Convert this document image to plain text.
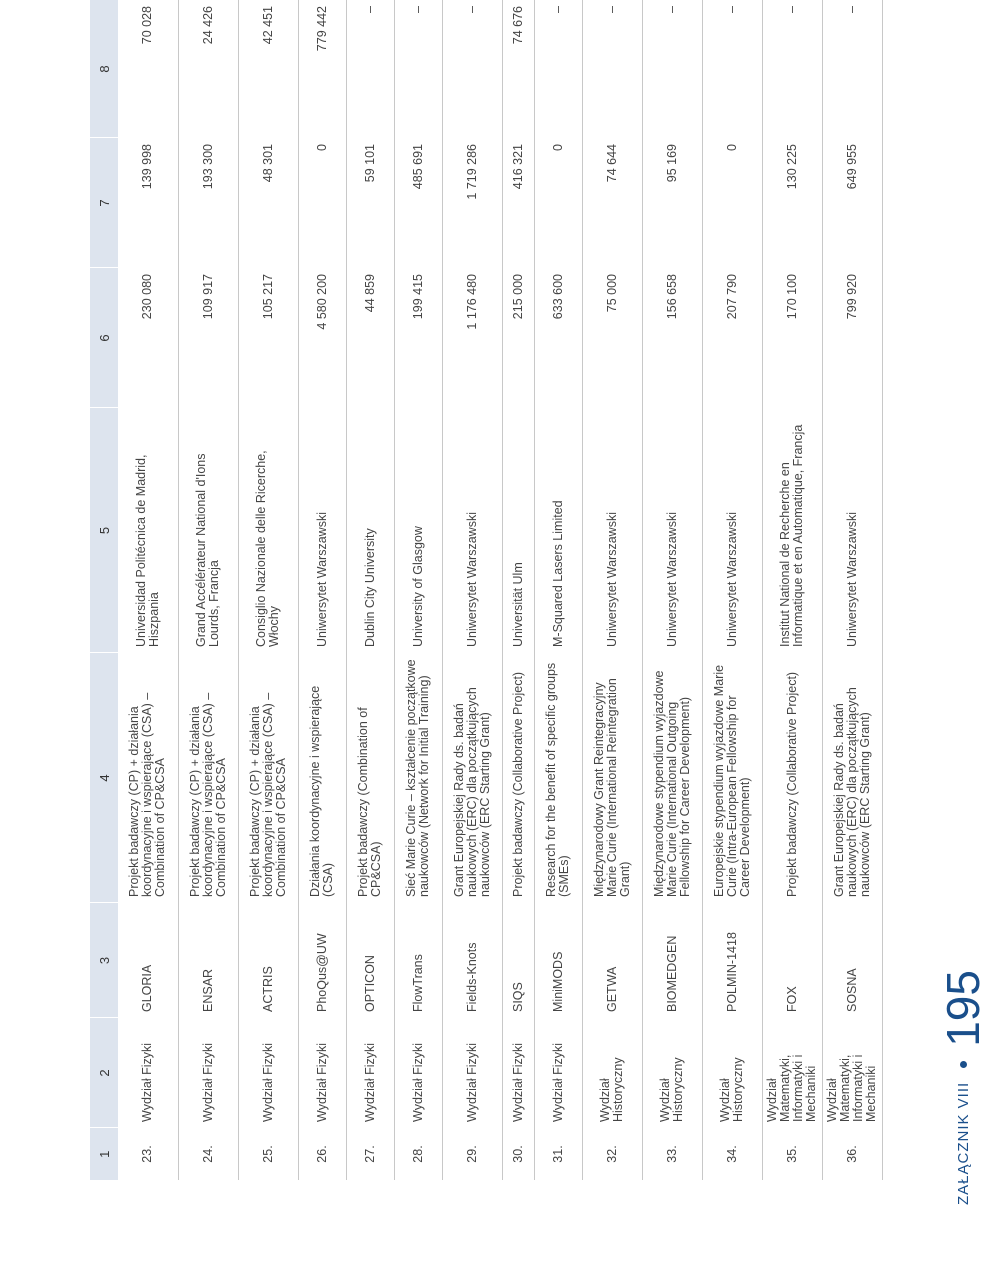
ZAŁĄCZNIK VIII
195
1	2	3	4	5	6	7	8
23.	Wydział Fizyki	GLORIA	Projekt badawczy (CP) + działania koordynacyjne i wspierające (CSA) – Combination of CP&CSA	Universidad Politécnica de Madrid, Hiszpania	230 080	139 998	70 028
24.	Wydział Fizyki	ENSAR	Projekt badawczy (CP) + działania koordynacyjne i wspierające (CSA) – Combination of CP&CSA	Grand Accélérateur National d'Ions Lourds, Francja	109 917	193 300	24 426
25.	Wydział Fizyki	ACTRIS	Projekt badawczy (CP) + działania koordynacyjne i wspierające (CSA) – Combination of CP&CSA	Consiglio Nazionale delle Ricerche, Włochy	105 217	48 301	42 451
26.	Wydział Fizyki	PhoQus@UW	Działania koordynacyjne i wspierające (CSA)	Uniwersytet Warszawski	4 580 200	0	779 442
27.	Wydział Fizyki	OPTICON	Projekt badawczy (Combination of CP&CSA)	Dublin City University	44 859	59 101	–
28.	Wydział Fizyki	FlowTrans	Sieć Marie Curie – kształcenie początkowe naukowców (Network for Initial Training)	University of Glasgow	199 415	485 691	–
29.	Wydział Fizyki	Fields-Knots	Grant Europejskiej Rady ds. badań naukowych (ERC) dla początkujących naukowców (ERC Starting Grant)	Uniwersytet Warszawski	1 176 480	1 719 286	–
30.	Wydział Fizyki	SIQS	Projekt badawczy (Collaborative Project)	Universität Ulm	215 000	416 321	74 676
31.	Wydział Fizyki	MiniMODS	Research for the benefit of specific groups (SMEs)	M-Squared Lasers Limited	633 600	0	–
32.	Wydział Historyczny	GETWA	Międzynarodowy Grant Reintegracyjny Marie Curie (International Reintegration Grant)	Uniwersytet Warszawski	75 000	74 644	–
33.	Wydział Historyczny	BIOMEDGEN	Międzynarodowe stypendium wyjazdowe Marie Curie (International Outgoing Fellowship for Career Development)	Uniwersytet Warszawski	156 658	95 169	–
34.	Wydział Historyczny	POLMIN-1418	Europejskie stypendium wyjazdowe Marie Curie (Intra-European Fellowship for Career Development)	Uniwersytet Warszawski	207 790	0	–
35.	Wydział Matematyki, Informatyki i Mechaniki	FOX	Projekt badawczy (Collaborative Project)	Institut National de Recherche en Informatique et en Automatique, Francja	170 100	130 225	–
36.	Wydział Matematyki, Informatyki i Mechaniki	SOSNA	Grant Europejskiej Rady ds. badań naukowych (ERC) dla początkujących naukowców (ERC Starting Grant)	Uniwersytet Warszawski	799 920	649 955	–
